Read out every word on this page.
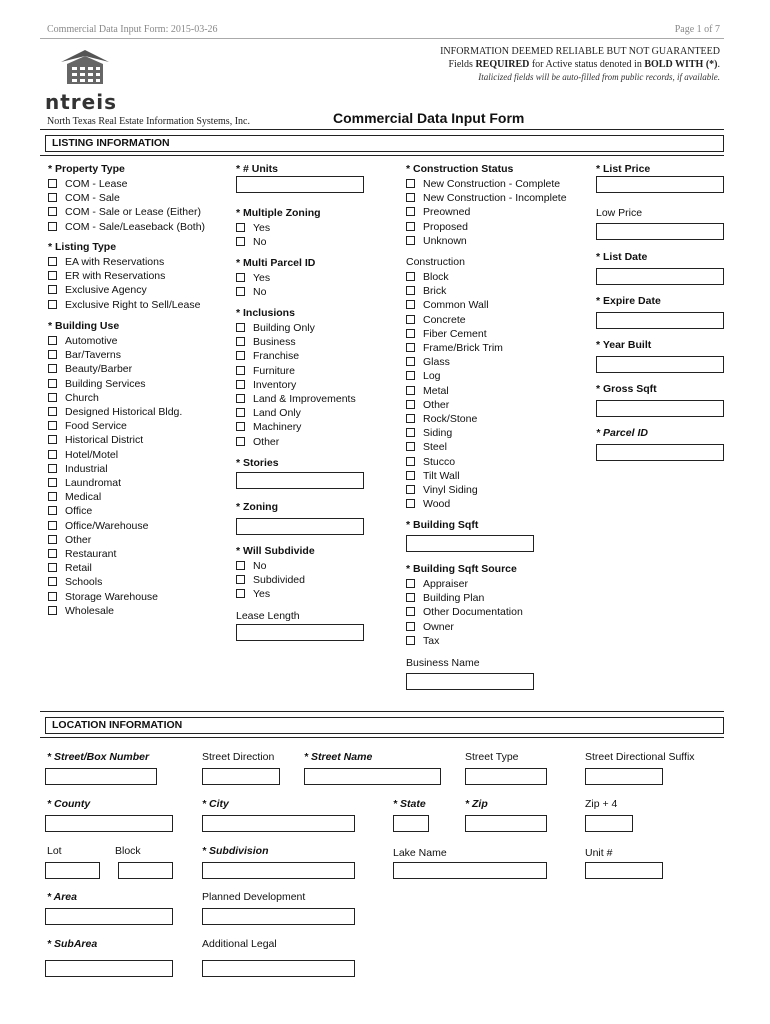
Commercial Data Input Form: 2015-03-26	Page 1 of 7
INFORMATION DEEMED RELIABLE BUT NOT GUARANTEED
Fields REQUIRED for Active status denoted in BOLD WITH (*).
Italicized fields will be auto-filled from public records, if available.
ntreis
North Texas Real Estate Information Systems, Inc.	Commercial Data Input Form
LISTING INFORMATION
* Property Type
COM - Lease
COM - Sale
COM - Sale or Lease (Either)
COM - Sale/Leaseback (Both)
* Listing Type
EA with Reservations
ER with Reservations
Exclusive Agency
Exclusive Right to Sell/Lease
* Building Use
Automotive
Bar/Taverns
Beauty/Barber
Building Services
Church
Designed Historical Bldg.
Food Service
Historical District
Hotel/Motel
Industrial
Laundromat
Medical
Office
Office/Warehouse
Other
Restaurant
Retail
Schools
Storage Warehouse
Wholesale
* # Units
* Multiple Zoning
Yes
No
* Multi Parcel ID
Yes
No
* Inclusions
Building Only
Business
Franchise
Furniture
Inventory
Land & Improvements
Land Only
Machinery
Other
* Stories
* Zoning
* Will Subdivide
No
Subdivided
Yes
Lease Length
* Construction Status
New Construction - Complete
New Construction - Incomplete
Preowned
Proposed
Unknown
Construction
Block
Brick
Common Wall
Concrete
Fiber Cement
Frame/Brick Trim
Glass
Log
Metal
Other
Rock/Stone
Siding
Steel
Stucco
Tilt Wall
Vinyl Siding
Wood
* Building Sqft
* Building Sqft Source
Appraiser
Building Plan
Other Documentation
Owner
Tax
Business Name
* List Price
Low Price
* List Date
* Expire Date
* Year Built
* Gross Sqft
* Parcel ID
LOCATION INFORMATION
* Street/Box Number	Street Direction	* Street Name	Street Type	Street Directional Suffix
* County	* City	* State	* Zip	Zip + 4
Lot	Block	* Subdivision	Lake Name	Unit #
* Area	Planned Development
* SubArea	Additional Legal
